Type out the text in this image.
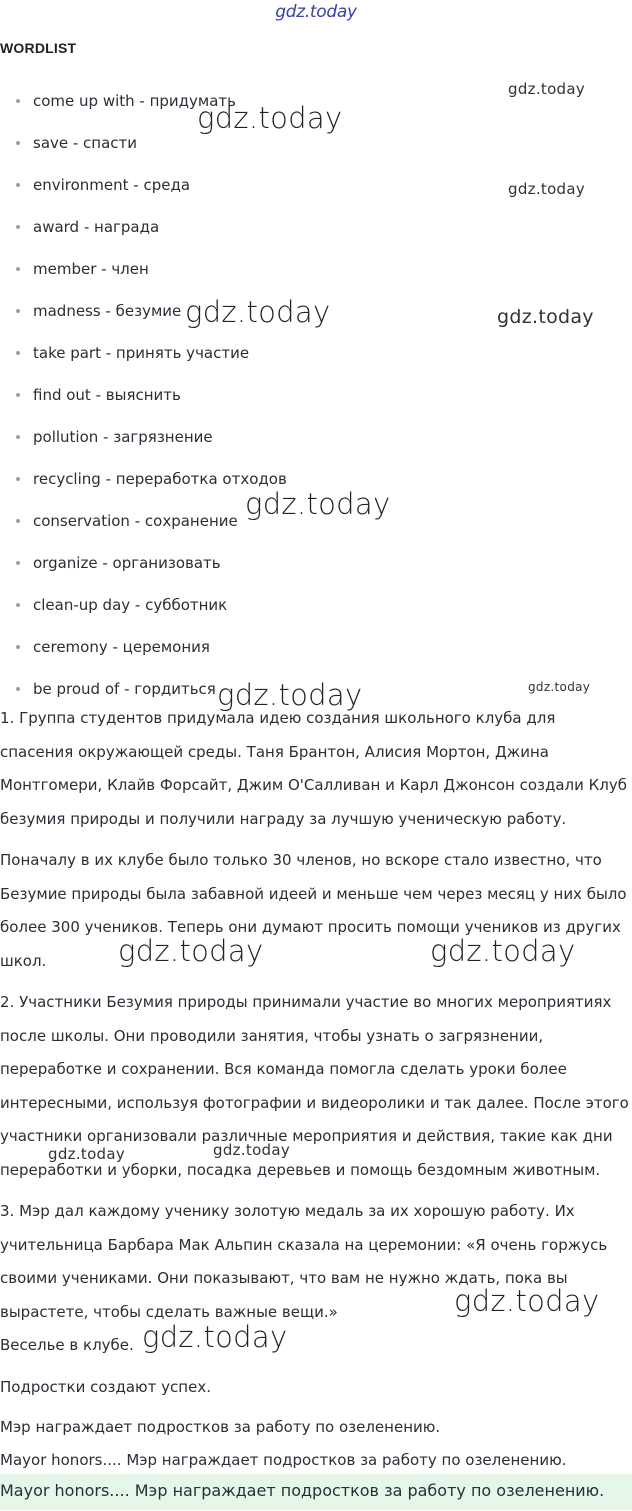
gdz.today
WORDLIST
come up with - придумать
save - спасти
environment - среда
award - награда
member - член
madness - безумие
take part - принять участие
find out - выяснить
pollution - загрязнение
recycling - переработка отходов
conservation - сохранение
organize - организовать
clean-up day - субботник
ceremony - церемония
be proud of - гордиться

1. Группа студентов придумала идею создания школьного клуба для спасения окружающей среды. Таня Брантон, Алисия Мортон, Джина Монтгомери, Клайв Форсайт, Джим О'Салливан и Карл Джонсон создали Клуб безумия природы и получили награду за лучшую ученическую работу.

Поначалу в их клубе было только 30 членов, но вскоре стало известно, что Безумие природы была забавной идеей и меньше чем через месяц у них было более 300 учеников. Теперь они думают просить помощи учеников из других школ.

2. Участники Безумия природы принимали участие во многих мероприятиях после школы. Они проводили занятия, чтобы узнать о загрязнении, переработке и сохранении. Вся команда помогла сделать уроки более интересными, используя фотографии и видеоролики и так далее. После этого участники организовали различные мероприятия и действия, такие как дни переработки и уборки, посадка деревьев и помощь бездомным животным.

3. Мэр дал каждому ученику золотую медаль за их хорошую работу. Их учительница Барбара Мак Альпин сказала на церемонии: «Я очень горжусь своими учениками. Они показывают, что вам не нужно ждать, пока вы вырастете, чтобы сделать важные вещи.»

Веселье в клубе.
Подростки создают успех.
Мэр награждает подростков за работу по озеленению.
Mayor honors.... Мэр награждает подростков за работу по озеленению.
Mayor honors.... Мэр награждает подростков за работу по озеленению.
gdz.today
gdz.today
gdz.today
gdz.today	gdz.today
gdz.today
gdz.today
gdz.today
gdz.today	gdz.today
gdz.today	gdz.today
gdz.today
gdz.today
